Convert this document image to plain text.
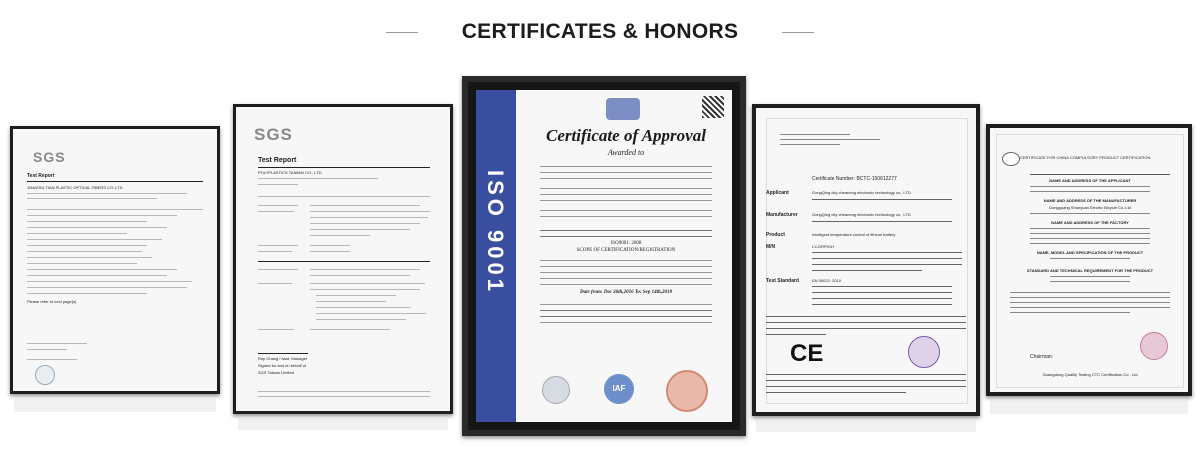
CERTIFICATES & HONORS
SGS
Test Report
JIANGSU TIAN PLASTIC OPTICAL FIBERS CO.,LTD
Please refer to next page(s)
SGS
Test Report
POLYPLASTICS TAIWAN CO., LTD
Rep Chang / Asst. Manager
Signed for and on behalf of
SGS Taiwan Limited
ISO 9001
Certificate of Approval
Awarded to
ISO9001: 2008
SCOPE OF CERTIFICATION/REGISTRATION
Date from: Dec 26th,2016 To: Sep 14th,2018
IAF
Certificate Number: BCTC-150612277
Applicant	GongQing city cheaneng electronic technology co., LTD
Manufacturer	GongQing city cheaneng electronic technology co., LTD
Product	Intelligent temperature control of lithium battery
M/N	LX-DRP01H
Test Standard	EN 55022: 2010
CE
CERTIFICATE FOR CHINA COMPULSORY PRODUCT CERTIFICATION
NAME AND ADDRESS OF THE APPLICANT
NAME AND ADDRESS OF THE MANUFACTURER
Dongguang Shanyuan Electric Bicycle Co.,Ltd
NAME AND ADDRESS OF THE FACTORY
NAME, MODEL AND SPECIFICATION OF THE PRODUCT
STANDARD AND TECHNICAL REQUIREMENT FOR THE PRODUCT
Chairman:
Guangdong Quality Testing CTC Certification Co., Ltd
